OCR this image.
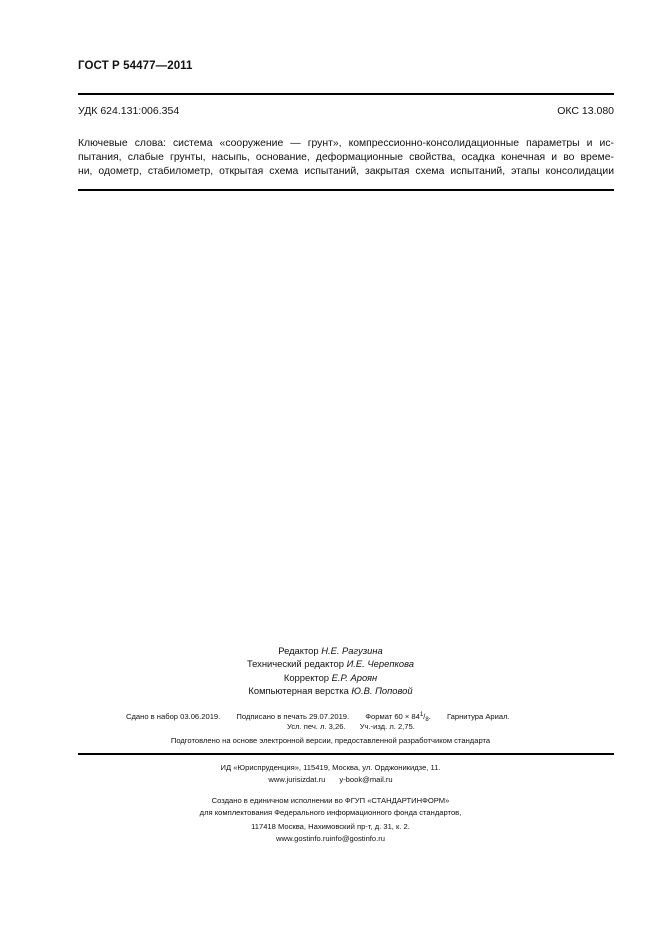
ГОСТ Р 54477—2011
УДК 624.131:006.354	ОКС 13.080
Ключевые слова: система «сооружение — грунт», компрессионно-консолидационные параметры и ис-
пытания, слабые грунты, насыпь, основание, деформационные свойства, осадка конечная и во време-
ни, одометр, стабилометр, открытая схема испытаний, закрытая схема испытаний, этапы консолидации
Редактор Н.Е. Рагузина
Технический редактор И.Е. Черепкова
Корректор Е.Р. Ароян
Компьютерная верстка Ю.В. Поповой
Сдано в набор 03.06.2019. Подписано в печать 29.07.2019. Формат $60 \times 84^1/_8$. Гарнитура Ариал.
Усл. печ. л. 3,26. Уч.-изд. л. 2,75.
Подготовлено на основе электронной версии, предоставленной разработчиком стандарта
ИД «Юриспруденция», 115419, Москва, ул. Орджоникидзе, 11.
www.jurisizdat.ru y-book@mail.ru
Создано в единичном исполнении во ФГУП «СТАНДАРТИНФОРМ»
для комплектования Федерального информационного фонда стандартов,
117418 Москва, Нахимовский пр-т, д. 31, к. 2.
www.gostinfo.ruinfo@gostinfo.ru
